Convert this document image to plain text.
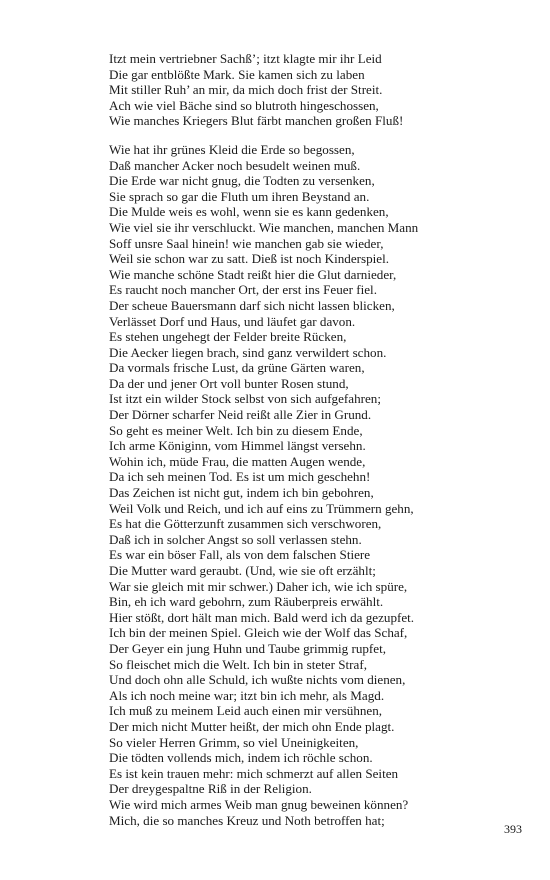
Itzt mein vertriebner Sachß’; itzt klagte mir ihr Leid
Die gar entblößte Mark. Sie kamen sich zu laben
Mit stiller Ruh’ an mir, da mich doch frist der Streit.
Ach wie viel Bäche sind so blutroth hingeschossen,
Wie manches Kriegers Blut färbt manchen großen Fluß!
Wie hat ihr grünes Kleid die Erde so begossen,
Daß mancher Acker noch besudelt weinen muß.
Die Erde war nicht gnug, die Todten zu versenken,
Sie sprach so gar die Fluth um ihren Beystand an.
Die Mulde weis es wohl, wenn sie es kann gedenken,
Wie viel sie ihr verschluckt. Wie manchen, manchen Mann
Soff unsre Saal hinein! wie manchen gab sie wieder,
Weil sie schon war zu satt. Dieß ist noch Kinderspiel.
Wie manche schöne Stadt reißt hier die Glut darnieder,
Es raucht noch mancher Ort, der erst ins Feuer fiel.
Der scheue Bauersmann darf sich nicht lassen blicken,
Verlässet Dorf und Haus, und läufet gar davon.
Es stehen ungehegt der Felder breite Rücken,
Die Aecker liegen brach, sind ganz verwildert schon.
Da vormals frische Lust, da grüne Gärten waren,
Da der und jener Ort voll bunter Rosen stund,
Ist itzt ein wilder Stock selbst von sich aufgefahren;
Der Dörner scharfer Neid reißt alle Zier in Grund.
So geht es meiner Welt. Ich bin zu diesem Ende,
Ich arme Königinn, vom Himmel längst versehn.
Wohin ich, müde Frau, die matten Augen wende,
Da ich seh meinen Tod. Es ist um mich geschehn!
Das Zeichen ist nicht gut, indem ich bin gebohren,
Weil Volk und Reich, und ich auf eins zu Trümmern gehn,
Es hat die Götterzunft zusammen sich verschworen,
Daß ich in solcher Angst so soll verlassen stehn.
Es war ein böser Fall, als von dem falschen Stiere
Die Mutter ward geraubt. (Und, wie sie oft erzählt;
War sie gleich mit mir schwer.) Daher ich, wie ich spüre,
Bin, eh ich ward gebohrn, zum Räuberpreis erwählt.
Hier stößt, dort hält man mich. Bald werd ich da gezupfet.
Ich bin der meinen Spiel. Gleich wie der Wolf das Schaf,
Der Geyer ein jung Huhn und Taube grimmig rupfet,
So fleischet mich die Welt. Ich bin in steter Straf,
Und doch ohn alle Schuld, ich wußte nichts vom dienen,
Als ich noch meine war; itzt bin ich mehr, als Magd.
Ich muß zu meinem Leid auch einen mir versühnen,
Der mich nicht Mutter heißt, der mich ohn Ende plagt.
So vieler Herren Grimm, so viel Uneinigkeiten,
Die tödten vollends mich, indem ich röchle schon.
Es ist kein trauen mehr: mich schmerzt auf allen Seiten
Der dreygespaltne Riß in der Religion.
Wie wird mich armes Weib man gnug beweinen können?
Mich, die so manches Kreuz und Noth betroffen hat;
393
